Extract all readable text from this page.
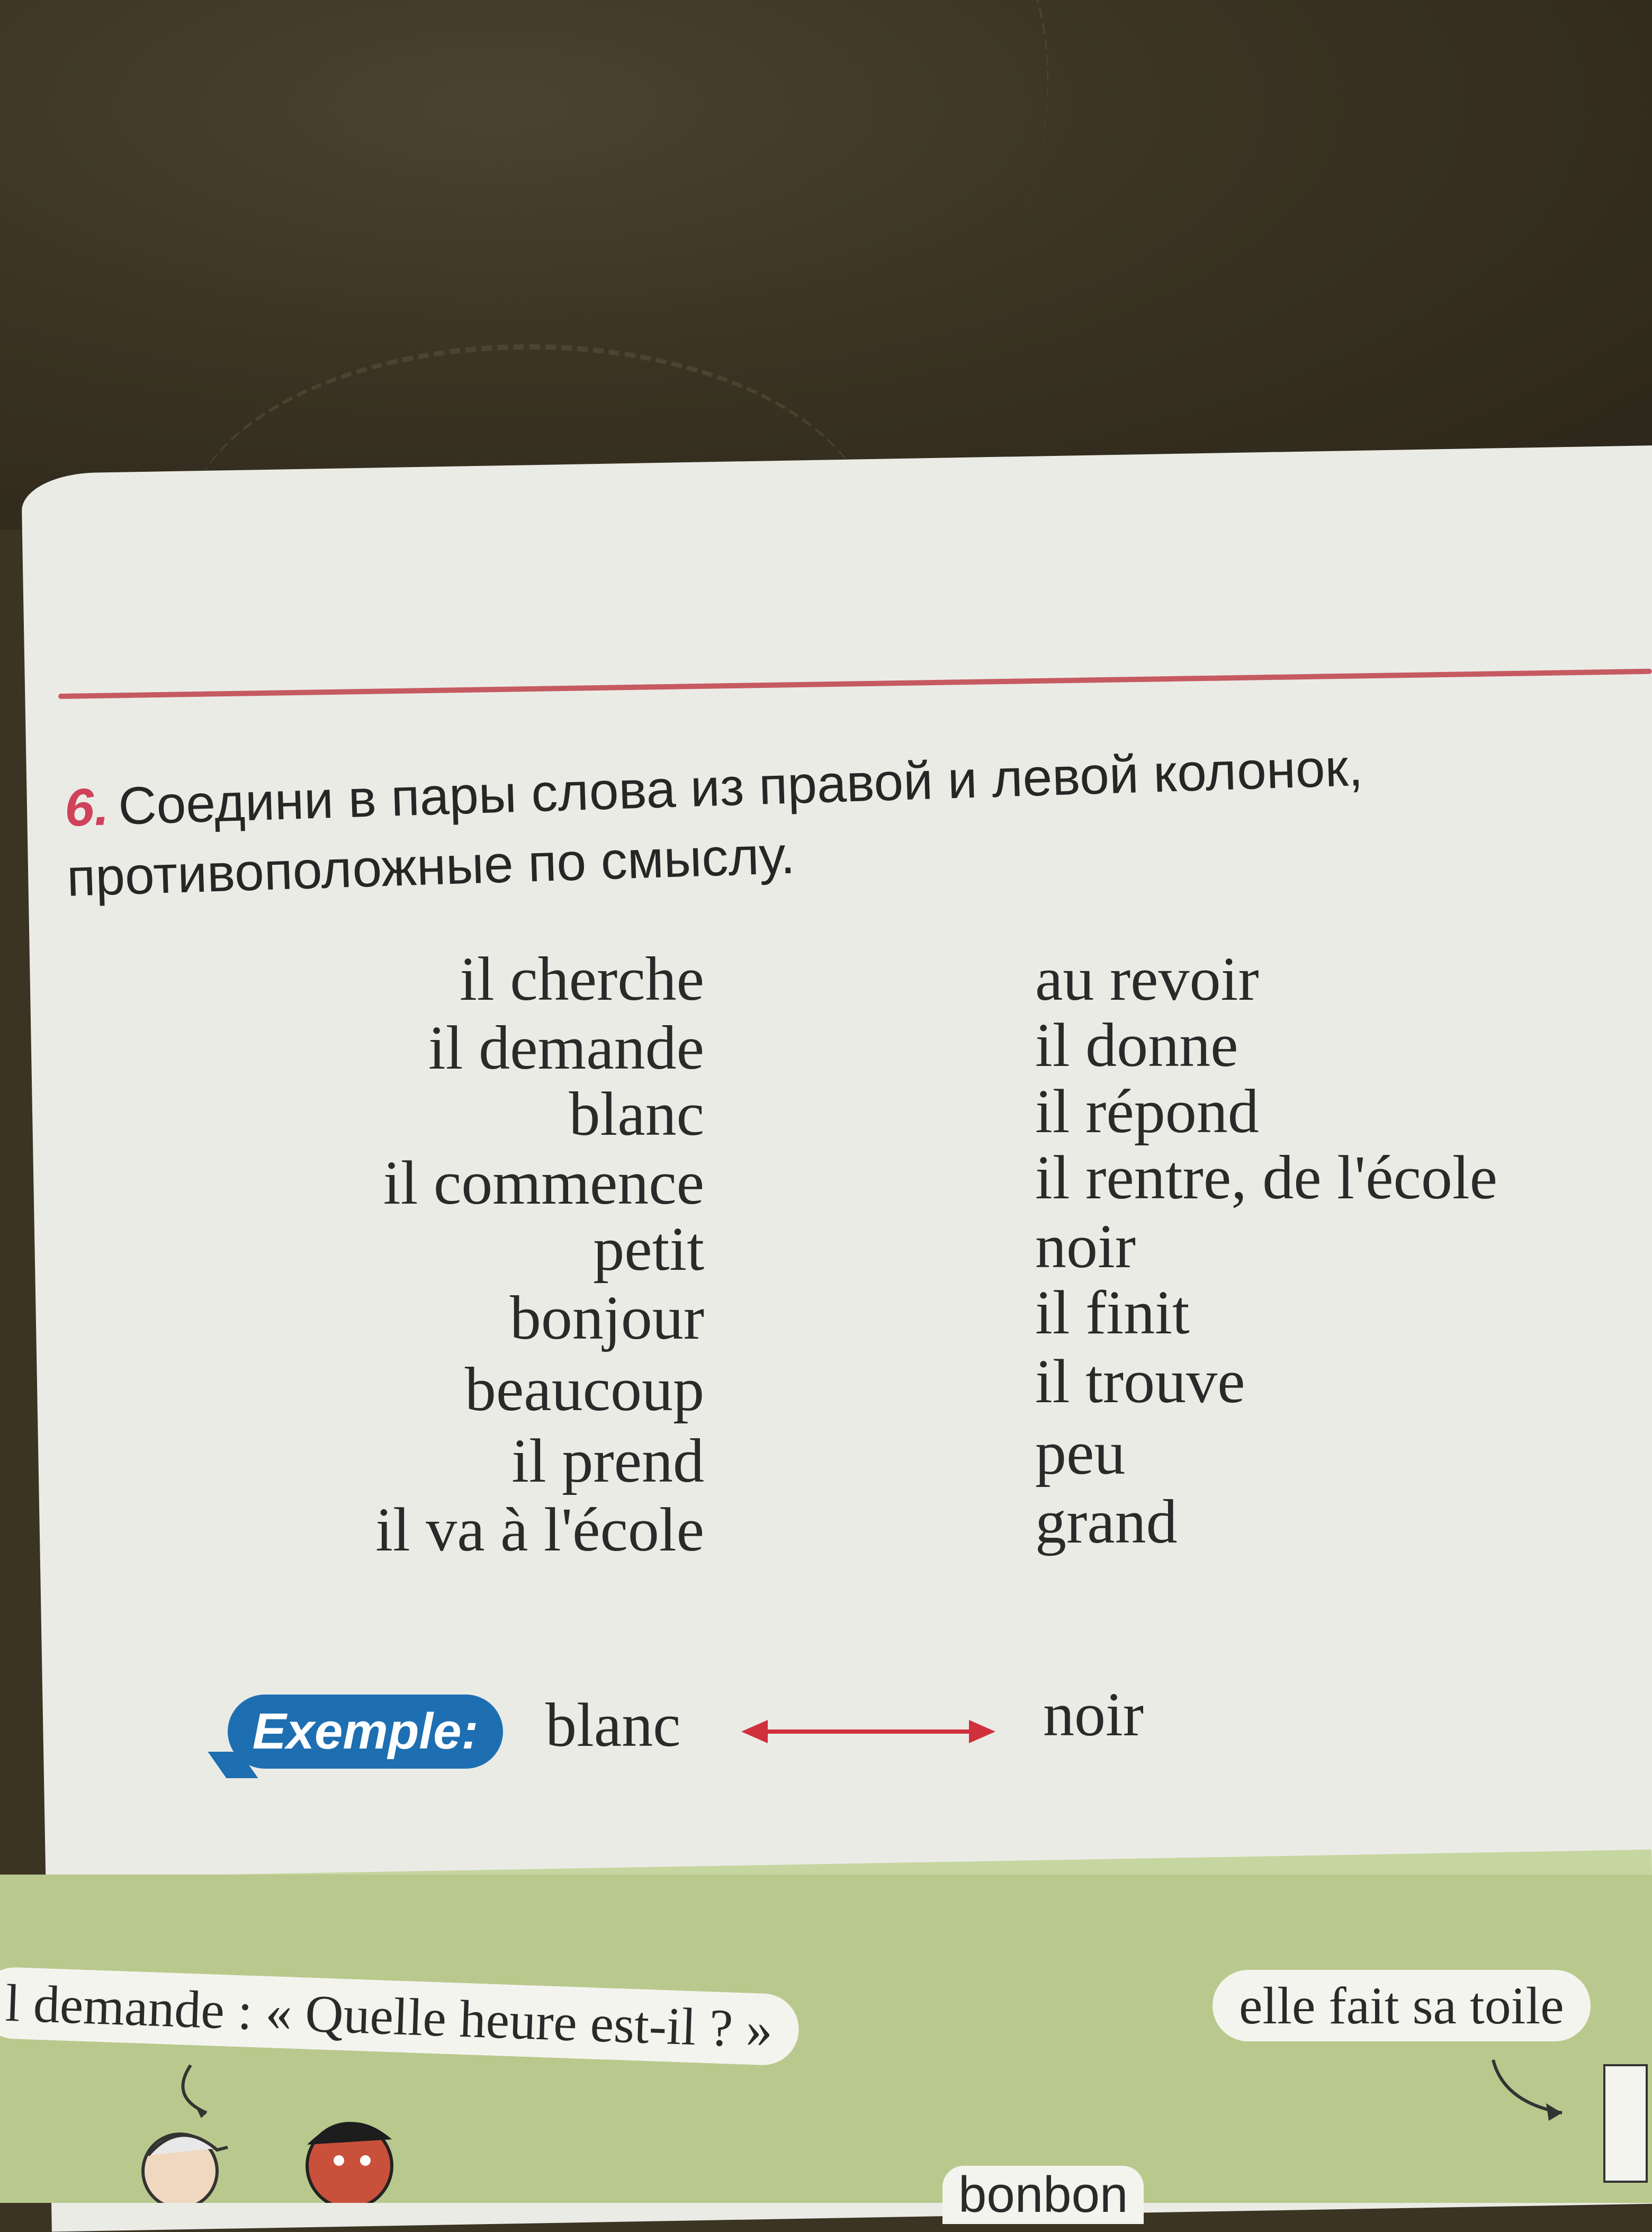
6. Соедини в пары слова из правой и левой колонок, противоположные по смыслу.
il cherche
il demande
blanc
il commence
petit
bonjour
beaucoup
il prend
il va à l'école
au revoir
il donne
il répond
il rentre, de l'école
noir
il finit
il trouve
peu
grand
Exemple:	blanc	noir
l demande : « Quelle heure est-il ? »	elle fait sa toile
bonbon
